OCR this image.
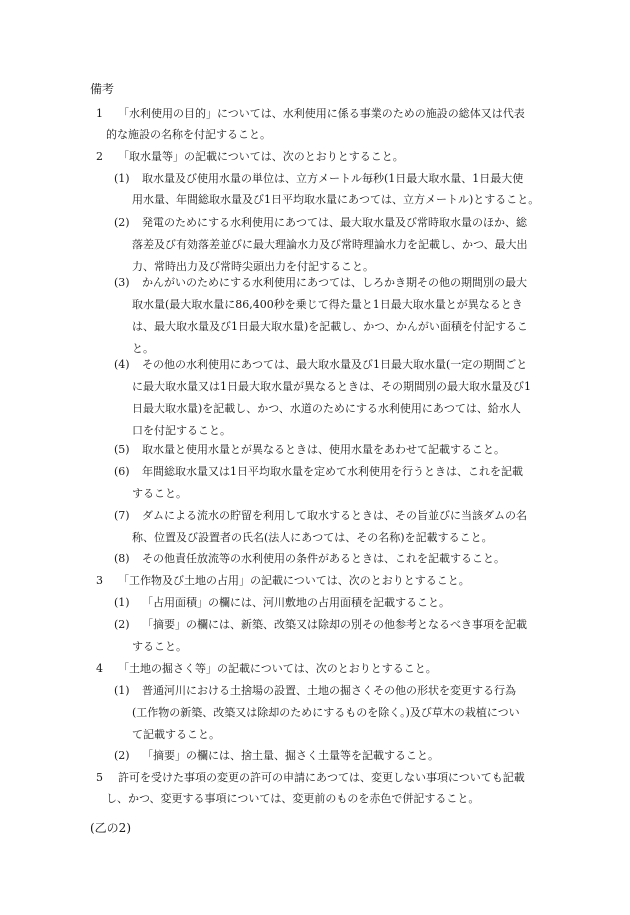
備考
1 「水利使用の目的」については、水利使用に係る事業のための施設の総体又は代表
的な施設の名称を付記すること。
2 「取水量等」の記載については、次のとおりとすること。
(1) 取水量及び使用水量の単位は、立方メートル毎秒(1日最大取水量、1日最大使
用水量、年間総取水量及び1日平均取水量にあつては、立方メートル)とすること。
(2) 発電のためにする水利使用にあつては、最大取水量及び常時取水量のほか、総
落差及び有効落差並びに最大理論水力及び常時理論水力を記載し、かつ、最大出
力、常時出力及び常時尖頭出力を付記すること。
(3) かんがいのためにする水利使用にあつては、しろかき期その他の期間別の最大
取水量(最大取水量に86,400秒を乗じて得た量と1日最大取水量とが異なるとき
は、最大取水量及び1日最大取水量)を記載し、かつ、かんがい面積を付記するこ
と。
(4) その他の水利使用にあつては、最大取水量及び1日最大取水量(一定の期間ごと
に最大取水量又は1日最大取水量が異なるときは、その期間別の最大取水量及び1
日最大取水量)を記載し、かつ、水道のためにする水利使用にあつては、給水人
口を付記すること。
(5) 取水量と使用水量とが異なるときは、使用水量をあわせて記載すること。
(6) 年間総取水量又は1日平均取水量を定めて水利使用を行うときは、これを記載
すること。
(7) ダムによる流水の貯留を利用して取水するときは、その旨並びに当該ダムの名
称、位置及び設置者の氏名(法人にあつては、その名称)を記載すること。
(8) その他責任放流等の水利使用の条件があるときは、これを記載すること。
3 「工作物及び土地の占用」の記載については、次のとおりとすること。
(1) 「占用面積」の欄には、河川敷地の占用面積を記載すること。
(2) 「摘要」の欄には、新築、改築又は除却の別その他参考となるべき事項を記載
すること。
4 「土地の掘さく等」の記載については、次のとおりとすること。
(1) 普通河川における土捨場の設置、土地の掘さくその他の形状を変更する行為
(工作物の新築、改築又は除却のためにするものを除く。)及び草木の栽植につい
て記載すること。
(2) 「摘要」の欄には、捨土量、掘さく土量等を記載すること。
5 許可を受けた事項の変更の許可の申請にあつては、変更しない事項についても記載
し、かつ、変更する事項については、変更前のものを赤色で併記すること。
(乙の2)
